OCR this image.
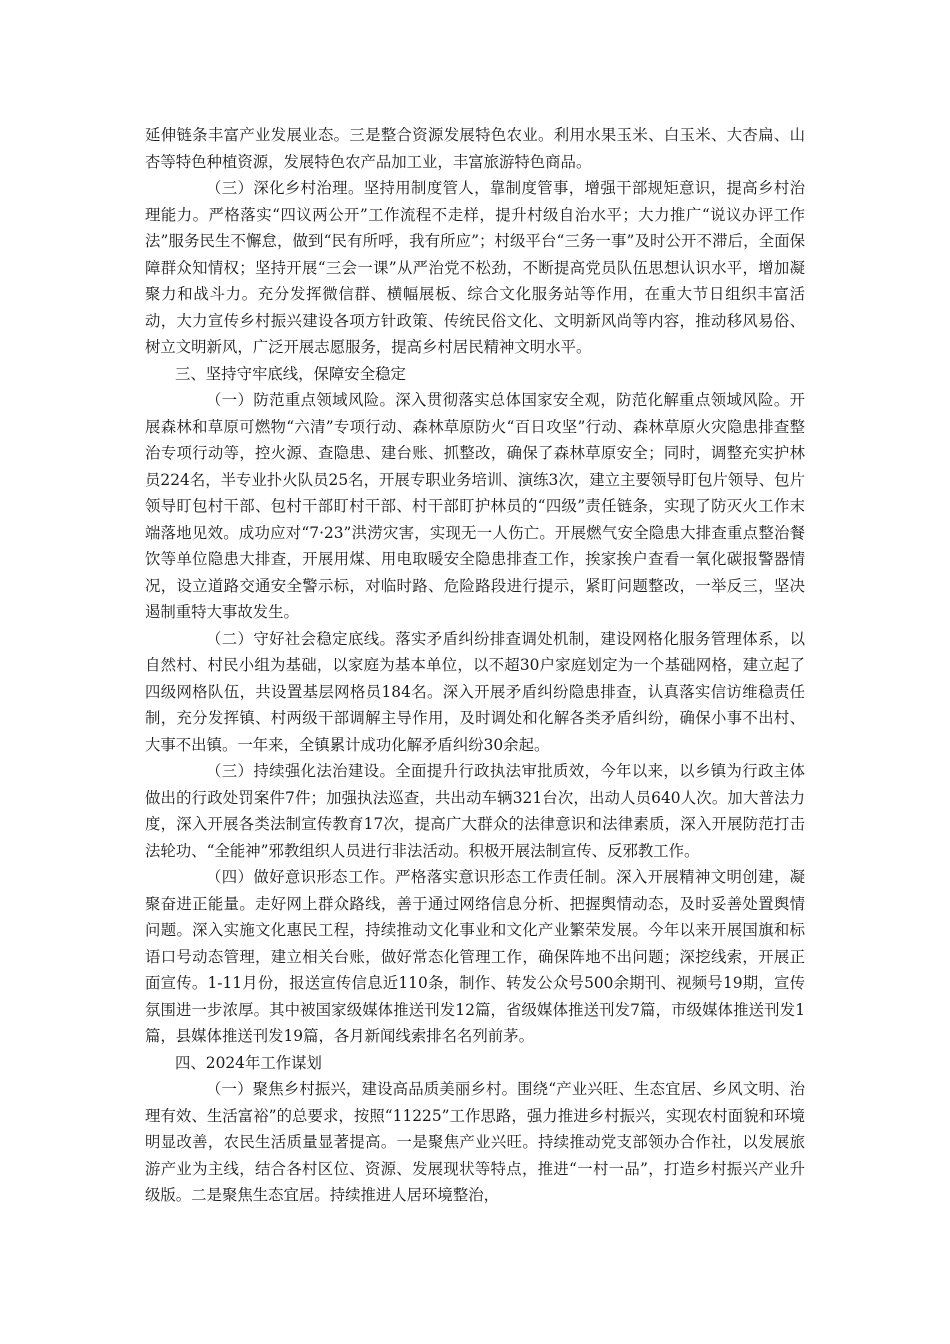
延伸链条丰富产业发展业态。三是整合资源发展特色农业。利用水果玉米、白玉米、大杏扁、山杏等特色种植资源，发展特色农产品加工业，丰富旅游特色商品。

（三）深化乡村治理。坚持用制度管人，靠制度管事，增强干部规矩意识，提高乡村治理能力。严格落实“四议两公开”工作流程不走样，提升村级自治水平；大力推广“说议办评工作法”服务民生不懈怠，做到“民有所呼，我有所应”；村级平台“三务一事”及时公开不滞后，全面保障群众知情权；坚持开展“三会一课”从严治党不松劲，不断提高党员队伍思想认识水平，增加凝聚力和战斗力。充分发挥微信群、横幅展板、综合文化服务站等作用，在重大节日组织丰富活动，大力宣传乡村振兴建设各项方针政策、传统民俗文化、文明新风尚等内容，推动移风易俗、树立文明新风，广泛开展志愿服务，提高乡村居民精神文明水平。

三、坚持守牢底线，保障安全稳定

（一）防范重点领域风险。深入贯彻落实总体国家安全观，防范化解重点领域风险。开展森林和草原可燃物“六清”专项行动、森林草原防火“百日攻坚”行动、森林草原火灾隐患排查整治专项行动等，控火源、查隐患、建台账、抓整改，确保了森林草原安全；同时，调整充实护林员224名，半专业扑火队员25名，开展专职业务培训、演练3次，建立主要领导盯包片领导、包片领导盯包村干部、包村干部盯村干部、村干部盯护林员的“四级”责任链条，实现了防灭火工作末端落地见效。成功应对“7·23”洪涝灾害，实现无一人伤亡。开展燃气安全隐患大排查重点整治餐饮等单位隐患大排查，开展用煤、用电取暖安全隐患排查工作，挨家挨户查看一氧化碳报警器情况，设立道路交通安全警示标，对临时路、危险路段进行提示，紧盯问题整改，一举反三，坚决遏制重特大事故发生。

（二）守好社会稳定底线。落实矛盾纠纷排查调处机制，建设网格化服务管理体系，以自然村、村民小组为基础，以家庭为基本单位，以不超30户家庭划定为一个基础网格，建立起了四级网格队伍，共设置基层网格员184名。深入开展矛盾纠纷隐患排查，认真落实信访维稳责任制，充分发挥镇、村两级干部调解主导作用，及时调处和化解各类矛盾纠纷，确保小事不出村、大事不出镇。一年来，全镇累计成功化解矛盾纠纷30余起。

（三）持续强化法治建设。全面提升行政执法审批质效，今年以来，以乡镇为行政主体做出的行政处罚案件7件；加强执法巡查，共出动车辆321台次，出动人员640人次。加大普法力度，深入开展各类法制宣传教育17次，提高广大群众的法律意识和法律素质，深入开展防范打击法轮功、“全能神”邪教组织人员进行非法活动。积极开展法制宣传、反邪教工作。

（四）做好意识形态工作。严格落实意识形态工作责任制。深入开展精神文明创建，凝聚奋进正能量。走好网上群众路线，善于通过网络信息分析、把握舆情动态，及时妥善处置舆情问题。深入实施文化惠民工程，持续推动文化事业和文化产业繁荣发展。今年以来开展国旗和标语口号动态管理，建立相关台账，做好常态化管理工作，确保阵地不出问题；深挖线索，开展正面宣传。1-11月份，报送宣传信息近110条，制作、转发公众号500余期刊、视频号19期，宣传氛围进一步浓厚。其中被国家级媒体推送刊发12篇，省级媒体推送刊发7篇，市级媒体推送刊发1篇，县媒体推送刊发19篇，各月新闻线索排名名列前茅。

四、2024年工作谋划

（一）聚焦乡村振兴，建设高品质美丽乡村。围绕“产业兴旺、生态宜居、乡风文明、治理有效、生活富裕”的总要求，按照“11225”工作思路，强力推进乡村振兴，实现农村面貌和环境明显改善，农民生活质量显著提高。一是聚焦产业兴旺。持续推动党支部领办合作社，以发展旅游产业为主线，结合各村区位、资源、发展现状等特点，推进“一村一品”，打造乡村振兴产业升级版。二是聚焦生态宜居。持续推进人居环境整治，
